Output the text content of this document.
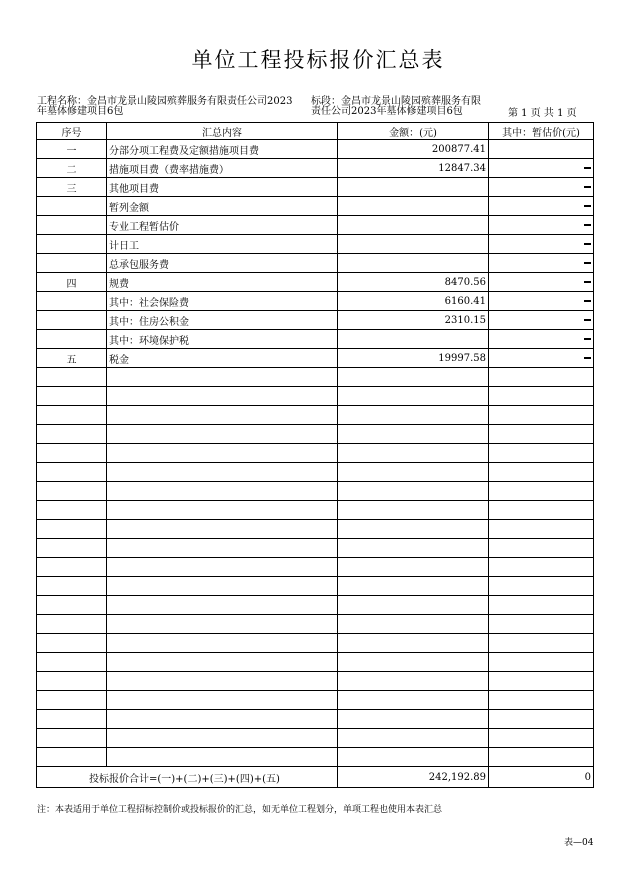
单位工程投标报价汇总表
工程名称：金昌市龙景山陵园殡葬服务有限责任公司2023
年墓体修建项目6包
标段：金昌市龙景山陵园殡葬服务有限
责任公司2023年墓体修建项目6包	第 1 页 共 1 页
序号	汇总内容	金额：(元)	其中：暂估价(元)
一	分部分项工程费及定额措施项目费	200877.41	
二	措施项目费（费率措施费）	12847.34	
三	其他项目费		
	暂列金额		
	专业工程暂估价		
	计日工		
	总承包服务费		
四	规费	8470.56	
	其中：社会保险费	6160.41	
	其中：住房公积金	2310.15	
	其中：环境保护税		
五	税金	19997.58	

投标报价合计=(一)+(二)+(三)+(四)+(五)		242,192.89	0
注：本表适用于单位工程招标控制价或投标报价的汇总，如无单位工程划分，单项工程也使用本表汇总
表—04
